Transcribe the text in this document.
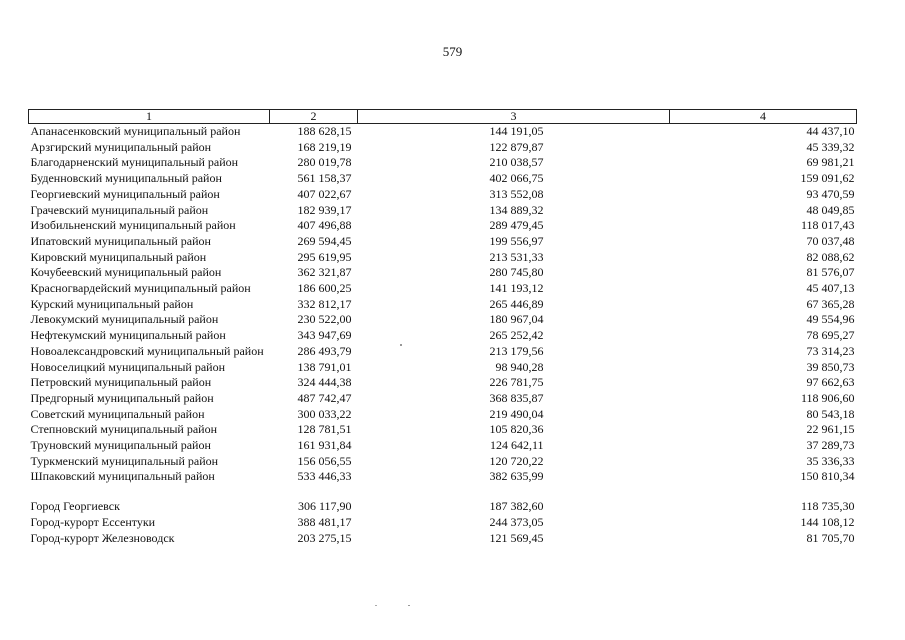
579
1	2	3	4
Апанасенковский муниципальный район	188 628,15	144 191,05	44 437,10
Арзгирский муниципальный район	168 219,19	122 879,87	45 339,32
Благодарненский муниципальный район	280 019,78	210 038,57	69 981,21
Буденновский муниципальный район	561 158,37	402 066,75	159 091,62
Георгиевский муниципальный район	407 022,67	313 552,08	93 470,59
Грачевский муниципальный район	182 939,17	134 889,32	48 049,85
Изобильненский муниципальный район	407 496,88	289 479,45	118 017,43
Ипатовский муниципальный район	269 594,45	199 556,97	70 037,48
Кировский муниципальный район	295 619,95	213 531,33	82 088,62
Кочубеевский муниципальный район	362 321,87	280 745,80	81 576,07
Красногвардейский муниципальный район	186 600,25	141 193,12	45 407,13
Курский муниципальный район	332 812,17	265 446,89	67 365,28
Левокумский муниципальный район	230 522,00	180 967,04	49 554,96
Нефтекумский муниципальный район	343 947,69	265 252,42	78 695,27
Новоалександровский муниципальный район	286 493,79	213 179,56	73 314,23
Новоселицкий муниципальный район	138 791,01	98 940,28	39 850,73
Петровский муниципальный район	324 444,38	226 781,75	97 662,63
Предгорный муниципальный район	487 742,47	368 835,87	118 906,60
Советский муниципальный район	300 033,22	219 490,04	80 543,18
Степновский муниципальный район	128 781,51	105 820,36	22 961,15
Труновский муниципальный район	161 931,84	124 642,11	37 289,73
Туркменский муниципальный район	156 056,55	120 720,22	35 336,33
Шпаковский муниципальный район	533 446,33	382 635,99	150 810,34

Город Георгиевск	306 117,90	187 382,60	118 735,30
Город-курорт Ессентуки	388 481,17	244 373,05	144 108,12
Город-курорт Железноводск	203 275,15	121 569,45	81 705,70
